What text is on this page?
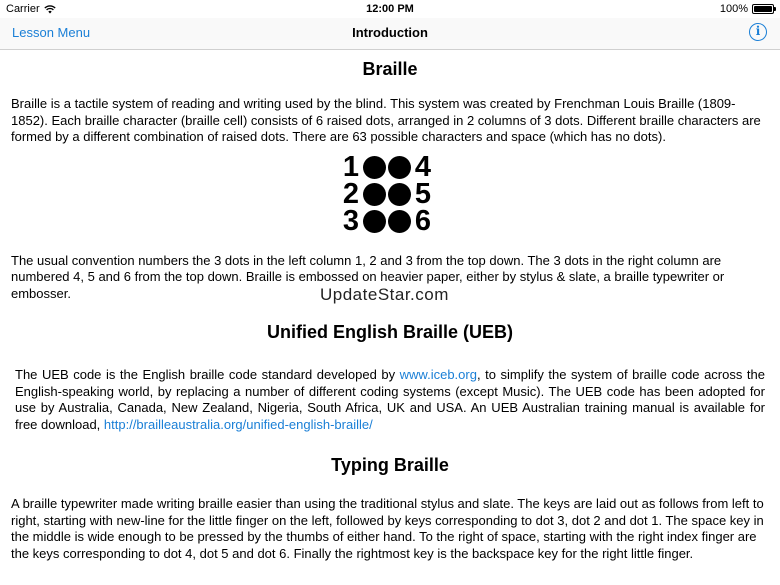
Carrier	12:00 PM	100%
Lesson Menu	Introduction	i
Braille

Braille is a tactile system of reading and writing used by the blind. This system was created by Frenchman Louis Braille (1809-1852). Each braille character (braille cell) consists of 6 raised dots, arranged in 2 columns of 3 dots. Different braille characters are formed by a different combination of raised dots. There are 63 possible characters and space (which has no dots).

1 4
2 5
3 6

The usual convention numbers the 3 dots in the left column 1, 2 and 3 from the top down. The 3 dots in the right column are numbered 4, 5 and 6 from the top down. Braille is embossed on heavier paper, either by stylus & slate, a braille typewriter or embosser.

Unified English Braille (UEB)

The UEB code is the English braille code standard developed by www.iceb.org, to simplify the system of braille code across the English-speaking world, by replacing a number of different coding systems (except Music). The UEB code has been adopted for use by Australia, Canada, New Zealand, Nigeria, South Africa, UK and USA. An UEB Australian training manual is available for free download, http://brailleaustralia.org/unified-english-braille/

Typing Braille

A braille typewriter made writing braille easier than using the traditional stylus and slate. The keys are laid out as follows from left to right, starting with new-line for the little finger on the left, followed by keys corresponding to dot 3, dot 2 and dot 1. The space key in the middle is wide enough to be pressed by the thumbs of either hand. To the right of space, starting with the right index finger are the keys corresponding to dot 4, dot 5 and dot 6. Finally the rightmost key is the backspace key for the right little finger.

UpdateStar.com
